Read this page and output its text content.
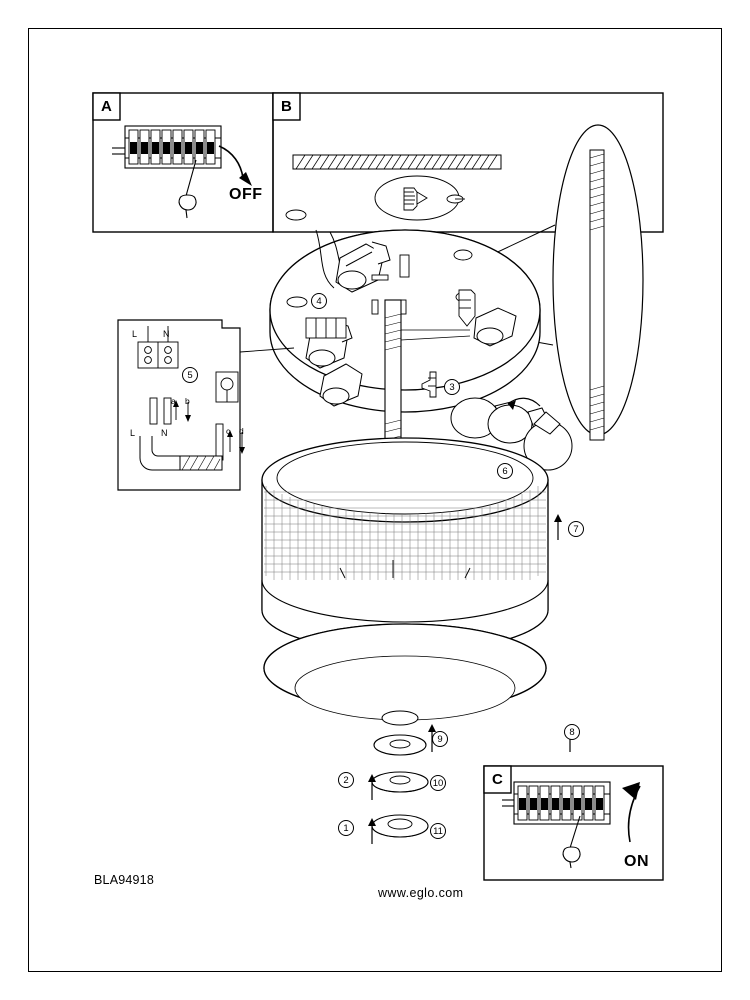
A	B
C
OFF
ON
L	N
L	N
a b
c d
1
2
3
4
5
6
7
8
9
10
11
BLA94918
www.eglo.com
